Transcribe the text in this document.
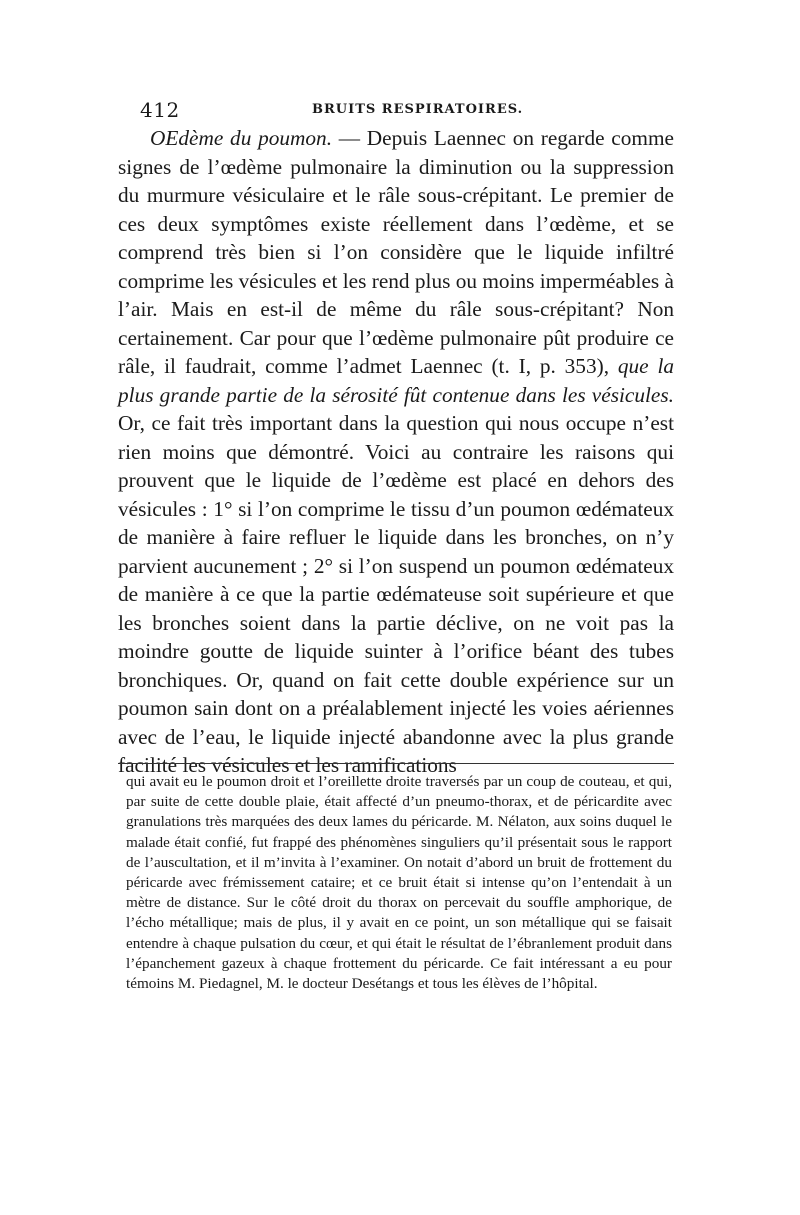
412	BRUITS RESPIRATOIRES.

OEdème du poumon. — Depuis Laennec on regarde comme signes de l’œdème pulmonaire la diminution ou la suppression du murmure vésiculaire et le râle sous-crépitant. Le premier de ces deux symptômes existe réellement dans l’œdème, et se comprend très bien si l’on considère que le liquide infiltré comprime les vésicules et les rend plus ou moins imperméables à l’air. Mais en est-il de même du râle sous-crépitant? Non certainement. Car pour que l’œdème pulmonaire pût produire ce râle, il faudrait, comme l’admet Laennec (t. I, p. 353), que la plus grande partie de la sérosité fût contenue dans les vésicules. Or, ce fait très important dans la question qui nous occupe n’est rien moins que démontré. Voici au contraire les raisons qui prouvent que le liquide de l’œdème est placé en dehors des vésicules : 1° si l’on comprime le tissu d’un poumon œdémateux de manière à faire refluer le liquide dans les bronches, on n’y parvient aucunement ; 2° si l’on suspend un poumon œdémateux de manière à ce que la partie œdémateuse soit supérieure et que les bronches soient dans la partie déclive, on ne voit pas la moindre goutte de liquide suinter à l’orifice béant des tubes bronchiques. Or, quand on fait cette double expérience sur un poumon sain dont on a préalablement injecté les voies aériennes avec de l’eau, le liquide injecté abandonne avec la plus grande facilité les vésicules et les ramifications

qui avait eu le poumon droit et l’oreillette droite traversés par un coup de couteau, et qui, par suite de cette double plaie, était affecté d’un pneumo-thorax, et de péricardite avec granulations très marquées des deux lames du péricarde. M. Nélaton, aux soins duquel le malade était confié, fut frappé des phénomènes singuliers qu’il présentait sous le rapport de l’auscultation, et il m’invita à l’examiner. On notait d’abord un bruit de frottement du péricarde avec frémissement cataire; et ce bruit était si intense qu’on l’entendait à un mètre de distance. Sur le côté droit du thorax on percevait du souffle amphorique, de l’écho métallique; mais de plus, il y avait en ce point, un son métallique qui se faisait entendre à chaque pulsation du cœur, et qui était le résultat de l’ébranlement produit dans l’épanchement gazeux à chaque frottement du péricarde. Ce fait intéressant a eu pour témoins M. Piedagnel, M. le docteur Desétangs et tous les élèves de l’hôpital.
